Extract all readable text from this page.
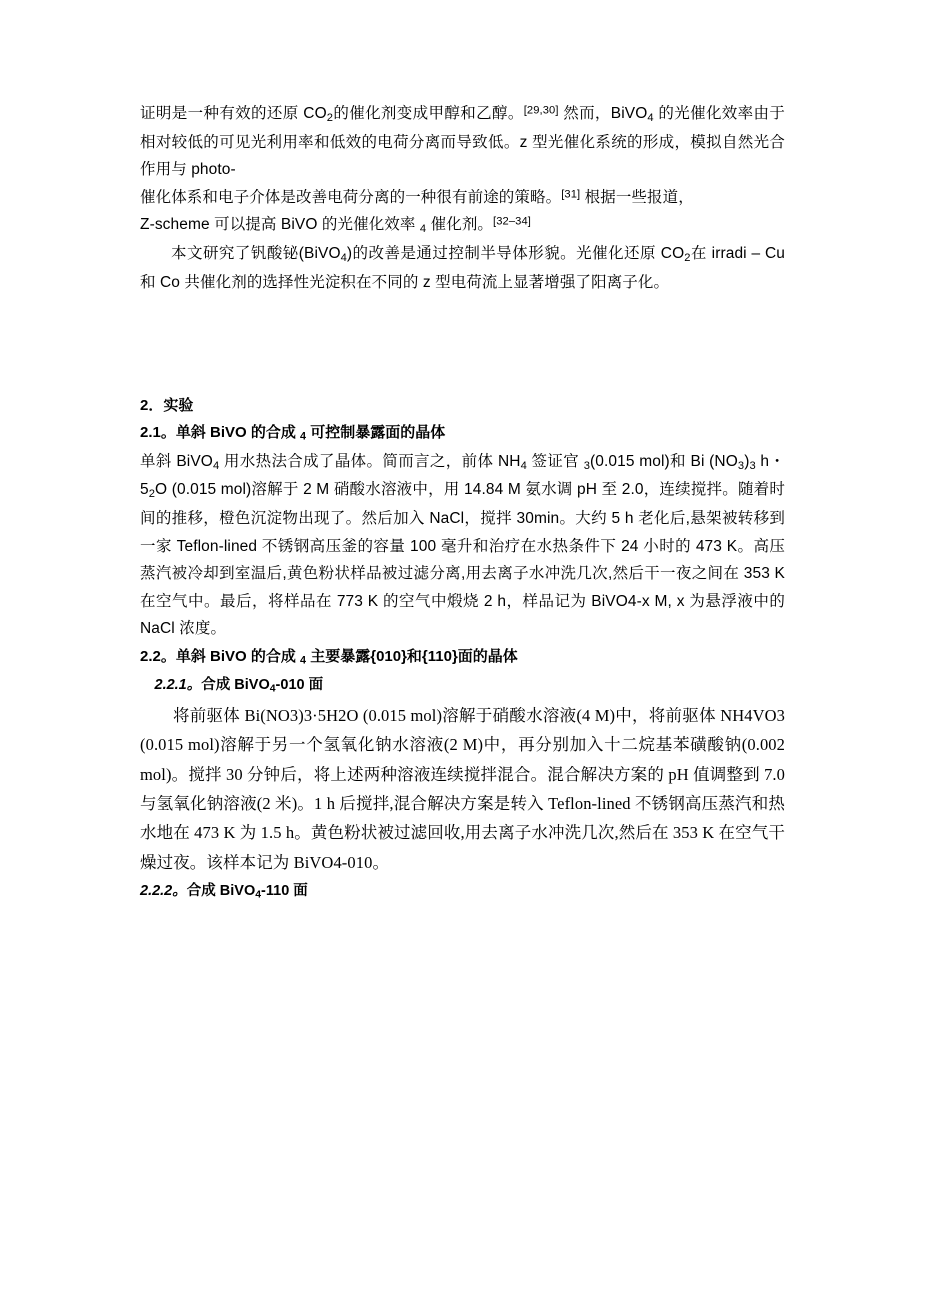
证明是一种有效的还原 $CO_2$的催化剂变成甲醇和乙醇。[29,30] 然而，BiVO$_4$ 的光催化效率由于相对较低的可见光利用率和低效的电荷分离而导致低。z 型光催化系统的形成，模拟自然光合作用与 photo-

催化体系和电子介体是改善电荷分离的一种很有前途的策略。[31] 根据一些报道，

Z-scheme 可以提高 BiVO 的光催化效率 $_4$ 催化剂。[32–34]

本文研究了钒酸铋(BiVO$_4$)的改善是通过控制半导体形貌。光催化还原 $CO_2$在 irradi – Cu 和 Co 共催化剂的选择性光淀积在不同的 z 型电荷流上显著增强了阳离子化。

2．实验
2.1。单斜 BiVO 的合成 $_4$ 可控制暴露面的晶体

单斜 BiVO$_4$ 用水热法合成了晶体。简而言之，前体 $NH_4$ 签证官 $_3$(0.015 mol)和 Bi $(NO_3)_3$ h・$5_2O$ (0.015 mol)溶解于 2 M 硝酸水溶液中，用 14.84 M 氨水调 pH 至 2.0，连续搅拌。随着时间的推移，橙色沉淀物出现了。然后加入 NaCl，搅拌 30min。大约 5 h 老化后,悬架被转移到一家 Teflon-lined 不锈钢高压釜的容量 100 毫升和治疗在水热条件下 24 小时的 473 K。高压蒸汽被冷却到室温后,黄色粉状样品被过滤分离,用去离子水冲洗几次,然后干一夜之间在 353 K 在空气中。最后，将样品在 773 K 的空气中煅烧 2 h，样品记为 BiVO4-x M, x 为悬浮液中的 NaCl 浓度。

2.2。单斜 BiVO 的合成 $_4$ 主要暴露{010}和{110}面的晶体
2.2.1。合成 BiVO$_4$-010 面

将前驱体 Bi(NO3)3·5H2O (0.015 mol)溶解于硝酸水溶液(4 M)中，将前驱体 NH4VO3 (0.015 mol)溶解于另一个氢氧化钠水溶液(2 M)中，再分别加入十二烷基苯磺酸钠(0.002 mol)。搅拌 30 分钟后，将上述两种溶液连续搅拌混合。混合解决方案的 pH 值调整到 7.0 与氢氧化钠溶液(2 米)。1 h 后搅拌,混合解决方案是转入 Teflon-lined 不锈钢高压蒸汽和热水地在 473 K 为 1.5 h。黄色粉状被过滤回收,用去离子水冲洗几次,然后在 353 K 在空气干燥过夜。该样本记为 BiVO4-010。

2.2.2。合成 BiVO$_4$-110 面
